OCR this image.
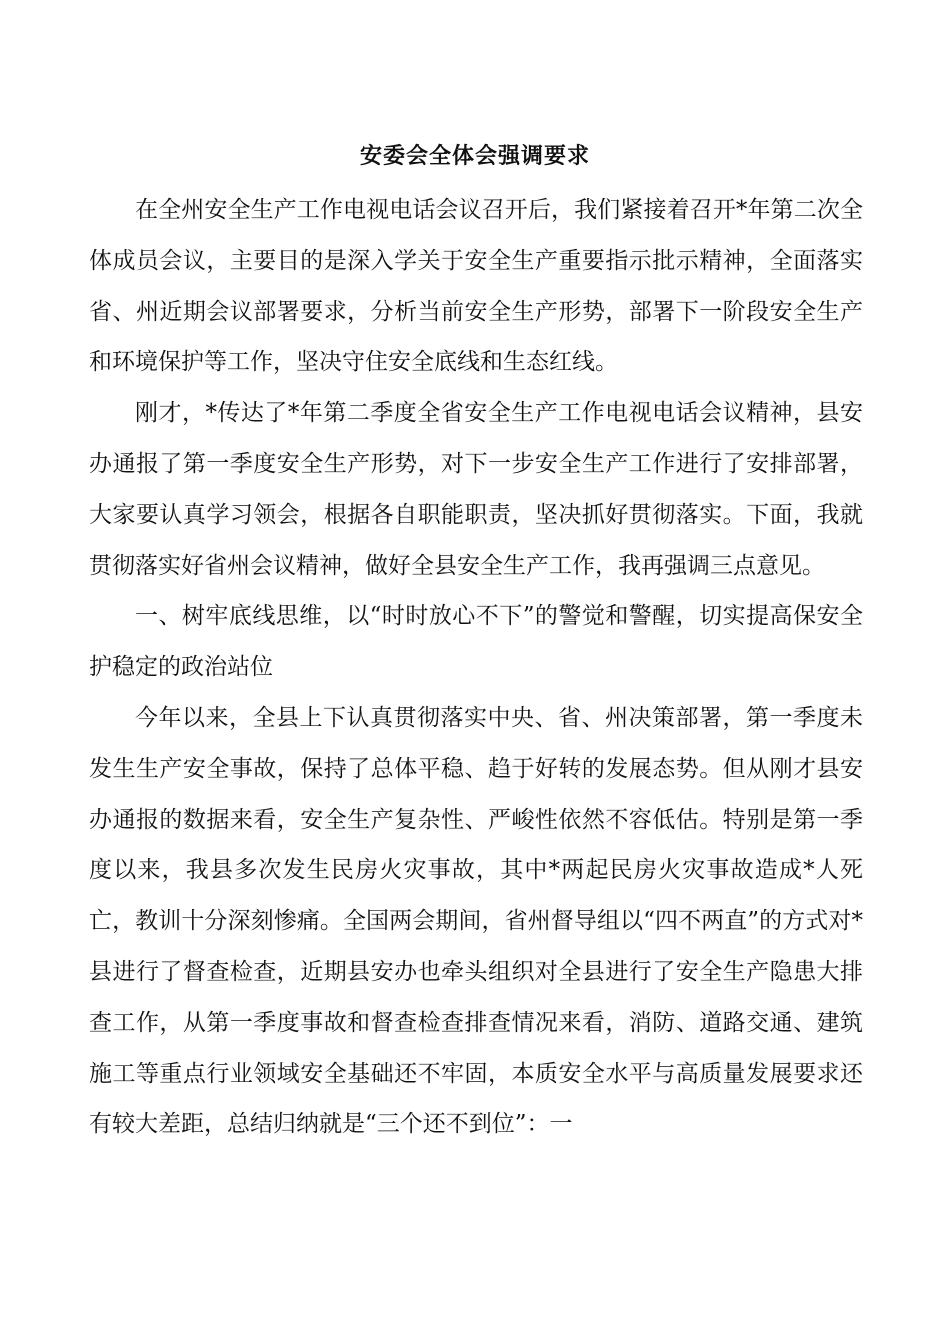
安委会全体会强调要求

在全州安全生产工作电视电话会议召开后，我们紧接着召开*年第二次全体成员会议，主要目的是深入学关于安全生产重要指示批示精神，全面落实省、州近期会议部署要求，分析当前安全生产形势，部署下一阶段安全生产和环境保护等工作，坚决守住安全底线和生态红线。

刚才，*传达了*年第二季度全省安全生产工作电视电话会议精神，县安办通报了第一季度安全生产形势，对下一步安全生产工作进行了安排部署，大家要认真学习领会，根据各自职能职责，坚决抓好贯彻落实。下面，我就贯彻落实好省州会议精神，做好全县安全生产工作，我再强调三点意见。

一、树牢底线思维，以“时时放心不下”的警觉和警醒，切实提高保安全护稳定的政治站位

今年以来，全县上下认真贯彻落实中央、省、州决策部署，第一季度未发生生产安全事故，保持了总体平稳、趋于好转的发展态势。但从刚才县安办通报的数据来看，安全生产复杂性、严峻性依然不容低估。特别是第一季度以来，我县多次发生民房火灾事故，其中*两起民房火灾事故造成*人死亡，教训十分深刻惨痛。全国两会期间，省州督导组以“四不两直”的方式对*县进行了督查检查，近期县安办也牵头组织对全县进行了安全生产隐患大排查工作，从第一季度事故和督查检查排查情况来看，消防、道路交通、建筑施工等重点行业领域安全基础还不牢固，本质安全水平与高质量发展要求还有较大差距，总结归纳就是“三个还不到位”：一
